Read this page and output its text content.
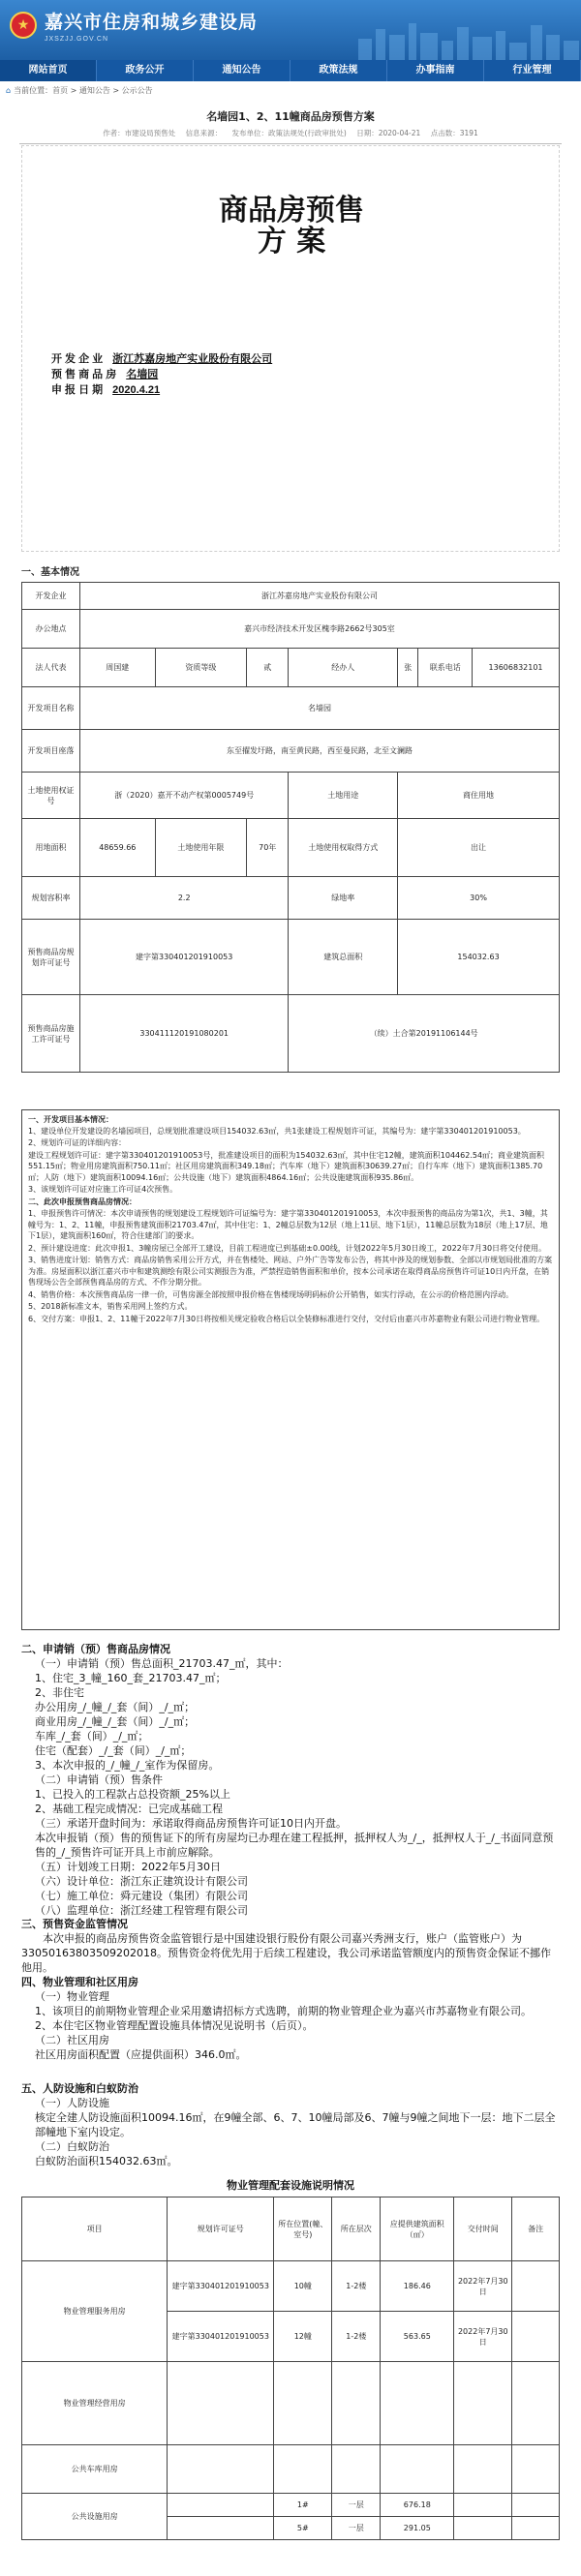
★ 嘉兴市住房和城乡建设局
JXSZJJ.GOV.CN
网站首页	政务公开	通知公告	政策法规	办事指南	行业管理
⌂ 当前位置：首页 > 通知公告 > 公示公告
名墙园1、2、11幢商品房预售方案
作者：市建设局预售处 信息来源： 发布单位：政策法规处(行政审批处) 日期：2020-04-21 点击数：3191
商品房预售
方 案
开 发 企 业 浙江苏嘉房地产实业股份有限公司
预 售 商 品 房 名墙园
申 报 日 期 2020.4.21
一、基本情况
开发企业	浙江苏嘉房地产实业股份有限公司						
办公地点	嘉兴市经济技术开发区槐李路2662号305室						
法人代表	周国建	资质等级	贰	经办人	张	联系电话	13606832101
开发项目名称	名墙园						
开发项目座落	东至擢发圩路，南至黄民路，西至曼民路，北至文澜路						
土地使用权证号	浙（2020）嘉开不动产权第0005749号			土地用途	商住用地		
用地面积	48659.66	土地使用年限	70年	土地使用权取得方式	出让		
规划容积率	2.2			绿地率	30%		
预售商品房规划许可证号	建字第330401201910053			建筑总面积	154032.63		
预售商品房施工许可证号	330411120191080201			（续）土合第20191106144号			
一、开发项目基本情况：

1、建设单位开发建设的名墙园项目，总规划批准建设项目154032.63㎡，共1张建设工程规划许可证，其编号为：建字第330401201910053。

2、规划许可证的详细内容：

建设工程规划许可证：建字第330401201910053号，批准建设项目的面积为154032.63㎡，其中住宅12幢，建筑面积104462.54㎡；商业建筑面积551.15㎡；物业用房建筑面积750.11㎡；社区用房建筑面积349.18㎡；汽车库（地下）建筑面积30639.27㎡；自行车库（地下）建筑面积1385.70㎡；人防（地下）建筑面积10094.16㎡；公共设施（地下）建筑面积4864.16㎡；公共设施建筑面积935.86㎡。

3、该规划许可证对应施工许可证4次预售。

二、此次申报预售商品房情况：

1、申报预售许可情况：本次申请预售的规划建设工程规划许可证编号为：建字第330401201910053，本次申报预售的商品房为第1次，共1、3幢，其幢号为：1、2、11幢，申报预售建筑面积21703.47㎡，其中住宅：1、2幢总层数为12层（地上11层、地下1层），11幢总层数为18层（地上17层、地下1层），建筑面积160㎡，符合住建部门的要求。

2、预计建设进度：此次申报1、3幢房屋已全部开工建设，目前工程进度已到基础±0.00线，计划2022年5月30日竣工，2022年7月30日将交付使用。

3、销售进度计划：销售方式：商品房销售采用公开方式，并在售楼处、网站、户外广告等发布公告，将其中涉及的规划参数、全部以市规划局批准的方案为准。房屋面积以浙江嘉兴市中和建筑测绘有限公司实测报告为准，严禁捏造销售面积和单价，按本公司承诺在取得商品房预售许可证10日内开盘，在销售现场公告全部预售商品房的方式、不作分期分批。

4、销售价格：本次预售商品房一律一价，可售房源全部按照申报价格在售楼现场明码标价公开销售，如实行浮动，在公示的价格范围内浮动。

5、2018新标准文本，销售采用网上签约方式。

6、交付方案：申报1、2、11幢于2022年7月30日将按相关规定验收合格后以全装修标准进行交付，交付后由嘉兴市苏嘉物业有限公司进行物业管理。

二、申请销（预）售商品房情况

（一）申请销（预）售总面积_21703.47_㎡，其中：

1、住宅_3_幢_160_套_21703.47_㎡；

2、非住宅

办公用房_/_幢_/_套（间）_/_㎡；

商业用房_/_幢_/_套（间）_/_㎡；

车库_/_套（间）_/_㎡；

住宅（配套）_/_套（间）_/_㎡；

3、本次申报的_/_幢_/_室作为保留房。

（二）申请销（预）售条件

1、已投入的工程款占总投资额_25%以上

2、基础工程完成情况：已完成基础工程

（三）承诺开盘时间为：承诺取得商品房预售许可证10日内开盘。

本次申报销（预）售的预售证下的所有房屋均已办理在建工程抵押，抵押权人为_/_，抵押权人于_/_书面同意预售的_/_预售许可证开具上市前应解除。

（五）计划竣工日期：2022年5月30日

（六）设计单位：浙江东正建筑设计有限公司

（七）施工单位：舜元建设（集团）有限公司

（八）监理单位：浙江经建工程管理有限公司

三、预售资金监管情况
本次申报的商品房预售资金监管银行是中国建设银行股份有限公司嘉兴秀洲支行，账户（监管账户）为33050163803509202018。预售资金将优先用于后续工程建设，我公司承诺监管额度内的预售资金保证不挪作他用。
四、物业管理和社区用房

（一）物业管理

1、该项目的前期物业管理企业采用邀请招标方式选聘，前期的物业管理企业为嘉兴市苏嘉物业有限公司。

2、本住宅区物业管理配置设施具体情况见说明书（后页）。

（二）社区用房

社区用房面积配置（应提供面积）346.0㎡。

五、人防设施和白蚁防治

（一）人防设施

核定全建人防设施面积10094.16㎡，在9幢全部、6、7、10幢局部及6、7幢与9幢之间地下一层：地下二层全部幢地下室内设定。

（二）白蚁防治

白蚁防治面积154032.63㎡。

物业管理配套设施说明情况
项目	规划许可证号	所在位置(幢、室号)	所在层次	应提供建筑面积（㎡）	交付时间	备注
物业管理服务用房	建字第330401201910053	10幢	1-2楼	186.46	2022年7月30日	
	建字第330401201910053	12幢	1-2楼	563.65	2022年7月30日	
物业管理经营用房						
公共车库用房						
公共设施用房		1#	一层	676.18		
		5#	一层	291.05		
